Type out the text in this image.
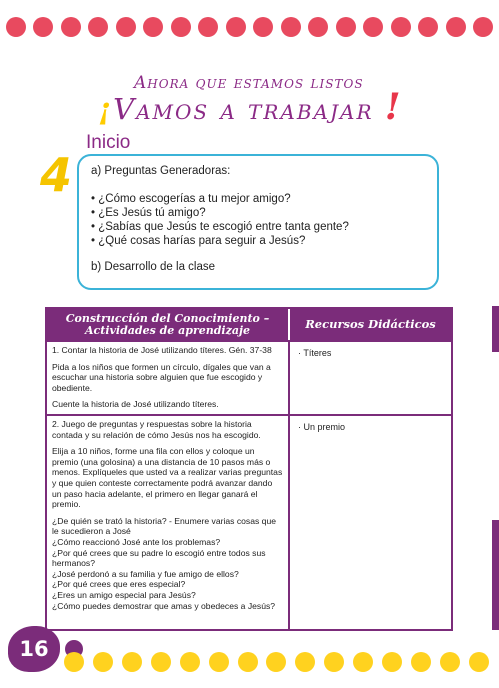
Ahora que estamos listos
¡Vamos a trabajar !
Inicio
4 a) Preguntas Generadoras:
• ¿Cómo escogerías a tu mejor amigo?
• ¿Es Jesús tú amigo?
• ¿Sabías que Jesús te escogió entre tanta gente?
• ¿Qué cosas harías para seguir a Jesús?
b) Desarrollo de la clase
Construcción del Conocimiento – Actividades de aprendizaje	Recursos Didácticos

1. Contar la historia de José utilizando títeres. Gén. 37-38

Pida a los niños que formen un círculo, dígales que van a escuchar una historia sobre alguien que fue escogido y obediente.

Cuente la historia de José utilizando títeres.

· Títeres

2. Juego de preguntas y respuestas sobre la historia contada y su relación de cómo Jesús nos ha escogido.

Elija a 10 niños, forme una fila con ellos y coloque un premio (una golosina) a una distancia de 10 pasos más o menos. Explíqueles que usted va a realizar varias preguntas y que quien conteste correctamente podrá avanzar dando un paso hacia adelante, el primero en llegar ganará el premio.

¿De quién se trató la historia? - Enumere varias cosas que le sucedieron a José
¿Cómo reaccionó José ante los problemas?
¿Por qué crees que su padre lo escogió entre todos sus hermanos?
¿José perdonó a su familia y fue amigo de ellos?
¿Por qué crees que eres especial?
¿Eres un amigo especial para Jesús?
¿Cómo puedes demostrar que amas y obedeces a Jesús?

· Un premio
16
